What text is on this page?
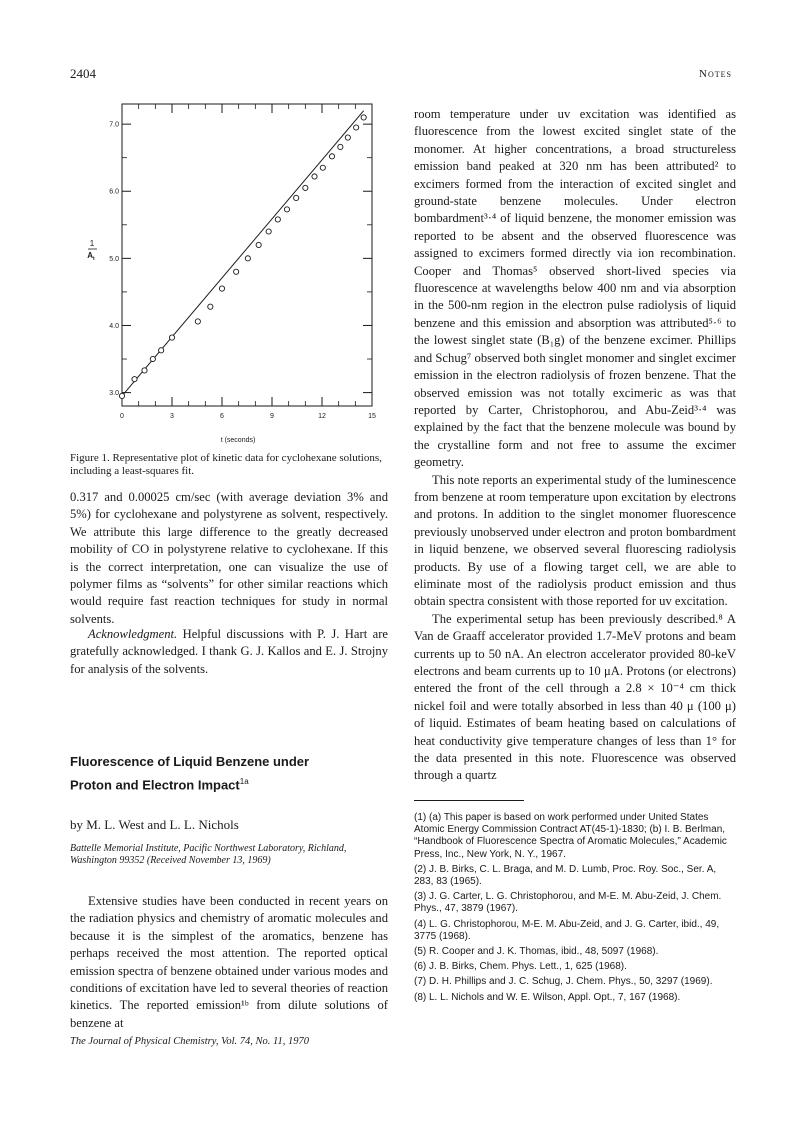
2404	Notes
0	3	6	9	12	15
3.0
4.0
5.0
6.0
7.0
1
$A_t$
t (seconds)
Figure 1. Representative plot of kinetic data for cyclohexane solutions, including a least-squares fit.

0.317 and 0.00025 cm/sec (with average deviation 3% and 5%) for cyclohexane and polystyrene as solvent, respectively. We attribute this large difference to the greatly decreased mobility of CO in polystyrene relative to cyclohexane. If this is the correct interpretation, one can visualize the use of polymer films as “solvents” for other similar reactions which would require fast reaction techniques for study in normal solvents.

Acknowledgment. Helpful discussions with P. J. Hart are gratefully acknowledged. I thank G. J. Kallos and E. J. Strojny for analysis of the solvents.

Fluorescence of Liquid Benzene under
Proton and Electron Impact$^{1a}$
by M. L. West and L. L. Nichols
Battelle Memorial Institute, Pacific Northwest Laboratory, Richland, Washington 99352 (Received November 13, 1969)

Extensive studies have been conducted in recent years on the radiation physics and chemistry of aromatic molecules and because it is the simplest of the aromatics, benzene has perhaps received the most attention. The reported optical emission spectra of benzene obtained under various modes and conditions of excitation have led to several theories of reaction kinetics. The reported emission¹ᵇ from dilute solutions of benzene at

room temperature under uv excitation was identified as fluorescence from the lowest excited singlet state of the monomer. At higher concentrations, a broad structureless emission band peaked at 320 nm has been attributed² to excimers formed from the interaction of excited singlet and ground-state benzene molecules. Under electron bombardment³·⁴ of liquid benzene, the monomer emission was reported to be absent and the observed fluorescence was assigned to excimers formed directly via ion recombination. Cooper and Thomas⁵ observed short-lived species via fluorescence at wavelengths below 400 nm and via absorption in the 500-nm region in the electron pulse radiolysis of liquid benzene and this emission and absorption was attributed⁵·⁶ to the lowest singlet state (B₁g) of the benzene excimer. Phillips and Schug⁷ observed both singlet monomer and singlet excimer emission in the electron radiolysis of frozen benzene. That the observed emission was not totally excimeric as was that reported by Carter, Christophorou, and Abu-Zeid³·⁴ was explained by the fact that the benzene molecule was bound by the crystalline form and not free to assume the excimer geometry.

This note reports an experimental study of the luminescence from benzene at room temperature upon excitation by electrons and protons. In addition to the singlet monomer fluorescence previously unobserved under electron and proton bombardment in liquid benzene, we observed several fluorescing radiolysis products. By use of a flowing target cell, we are able to eliminate most of the radiolysis product emission and thus obtain spectra consistent with those reported for uv excitation.

The experimental setup has been previously described.⁸ A Van de Graaff accelerator provided 1.7-MeV protons and beam currents up to 50 nA. An electron accelerator provided 80-keV electrons and beam currents up to 10 μA. Protons (or electrons) entered the front of the cell through a 2.8 × 10⁻⁴ cm thick nickel foil and were totally absorbed in less than 40 μ (100 μ) of liquid. Estimates of beam heating based on calculations of heat conductivity give temperature changes of less than 1° for the data presented in this note. Fluorescence was observed through a quartz

(1) (a) This paper is based on work performed under United States Atomic Energy Commission Contract AT(45-1)-1830; (b) I. B. Berlman, “Handbook of Fluorescence Spectra of Aromatic Molecules,” Academic Press, Inc., New York, N. Y., 1967.
(2) J. B. Birks, C. L. Braga, and M. D. Lumb, Proc. Roy. Soc., Ser. A, 283, 83 (1965).
(3) J. G. Carter, L. G. Christophorou, and M-E. M. Abu-Zeid, J. Chem. Phys., 47, 3879 (1967).
(4) L. G. Christophorou, M-E. M. Abu-Zeid, and J. G. Carter, ibid., 49, 3775 (1968).
(5) R. Cooper and J. K. Thomas, ibid., 48, 5097 (1968).
(6) J. B. Birks, Chem. Phys. Lett., 1, 625 (1968).
(7) D. H. Phillips and J. C. Schug, J. Chem. Phys., 50, 3297 (1969).
(8) L. L. Nichols and W. E. Wilson, Appl. Opt., 7, 167 (1968).
The Journal of Physical Chemistry, Vol. 74, No. 11, 1970
